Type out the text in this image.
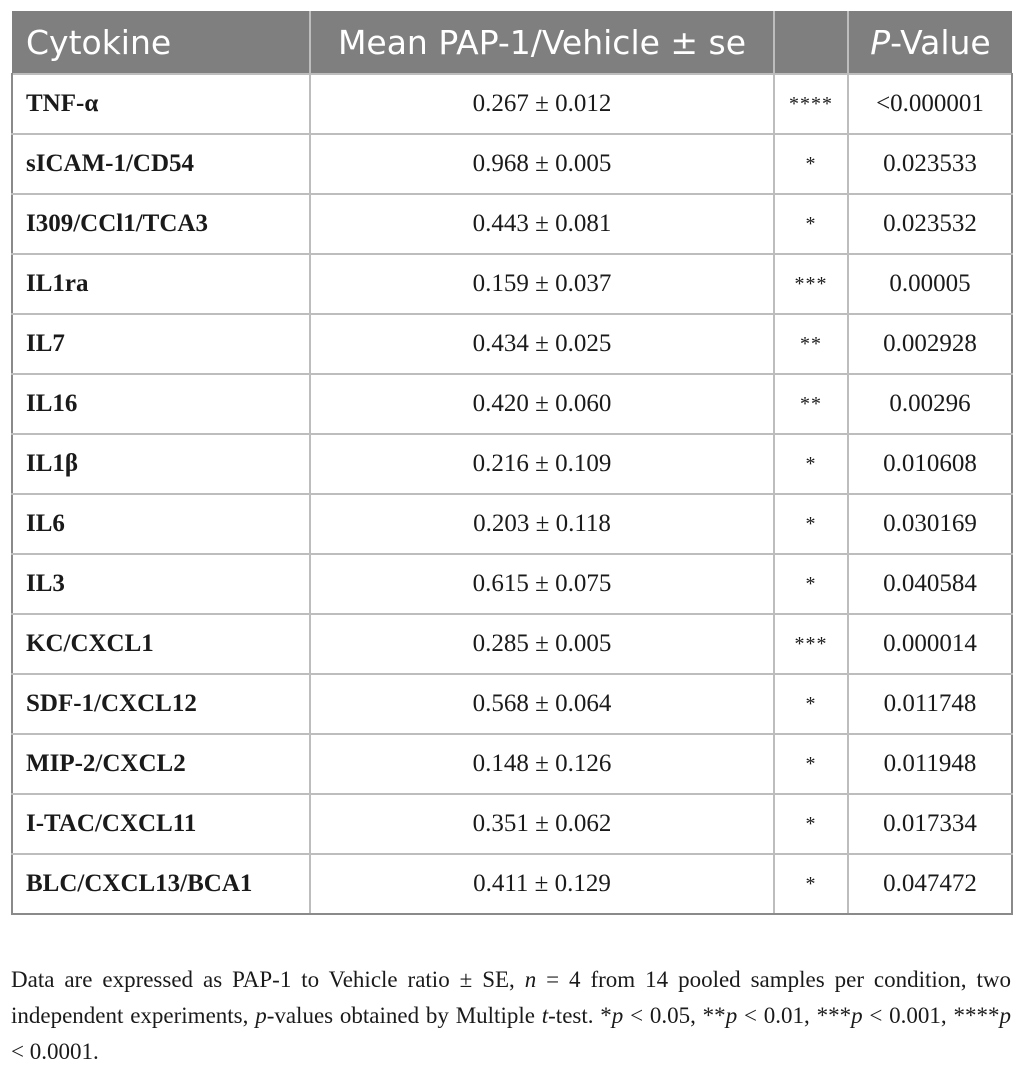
Cytokine	Mean PAP-1/Vehicle ± se		P-Value
TNF-α	0.267 ± 0.012	****	<0.000001
sICAM-1/CD54	0.968 ± 0.005	*	0.023533
I309/CCl1/TCA3	0.443 ± 0.081	*	0.023532
IL1ra	0.159 ± 0.037	***	0.00005
IL7	0.434 ± 0.025	**	0.002928
IL16	0.420 ± 0.060	**	0.00296
IL1β	0.216 ± 0.109	*	0.010608
IL6	0.203 ± 0.118	*	0.030169
IL3	0.615 ± 0.075	*	0.040584
KC/CXCL1	0.285 ± 0.005	***	0.000014
SDF-1/CXCL12	0.568 ± 0.064	*	0.011748
MIP-2/CXCL2	0.148 ± 0.126	*	0.011948
I-TAC/CXCL11	0.351 ± 0.062	*	0.017334
BLC/CXCL13/BCA1	0.411 ± 0.129	*	0.047472

Data are expressed as PAP-1 to Vehicle ratio ± SE, n = 4 from 14 pooled samples per condition, two independent experiments, p-values obtained by Multiple t-test. *p < 0.05, **p < 0.01, ***p < 0.001, ****p < 0.0001.
